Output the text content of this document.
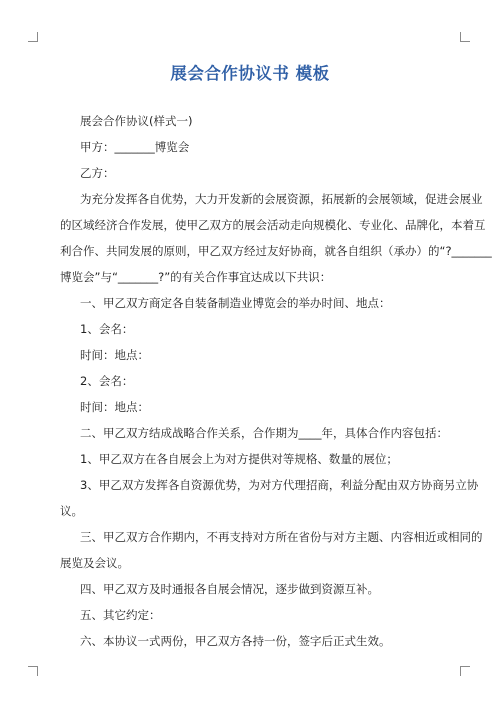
展会合作协议书 模板
展会合作协议(样式一)
甲方：_______博览会
乙方：
为充分发挥各自优势，大力开发新的会展资源，拓展新的会展领域，促进会展业
的区域经济合作发展，使甲乙双方的展会活动走向规模化、专业化、品牌化，本着互
利合作、共同发展的原则，甲乙双方经过友好协商，就各自组织（承办）的“?_______
博览会”与“_______?”的有关合作事宜达成以下共识：
一、甲乙双方商定各自装备制造业博览会的举办时间、地点：
1、会名：
时间：地点：
2、会名：
时间：地点：
二、甲乙双方结成战略合作关系，合作期为____年，具体合作内容包括：
1、甲乙双方在各自展会上为对方提供对等规格、数量的展位；
3、甲乙双方发挥各自资源优势，为对方代理招商，利益分配由双方协商另立协
议。
三、甲乙双方合作期内，不再支持对方所在省份与对方主题、内容相近或相同的
展览及会议。
四、甲乙双方及时通报各自展会情况，逐步做到资源互补。
五、其它约定：
六、本协议一式两份，甲乙双方各持一份，签字后正式生效。
